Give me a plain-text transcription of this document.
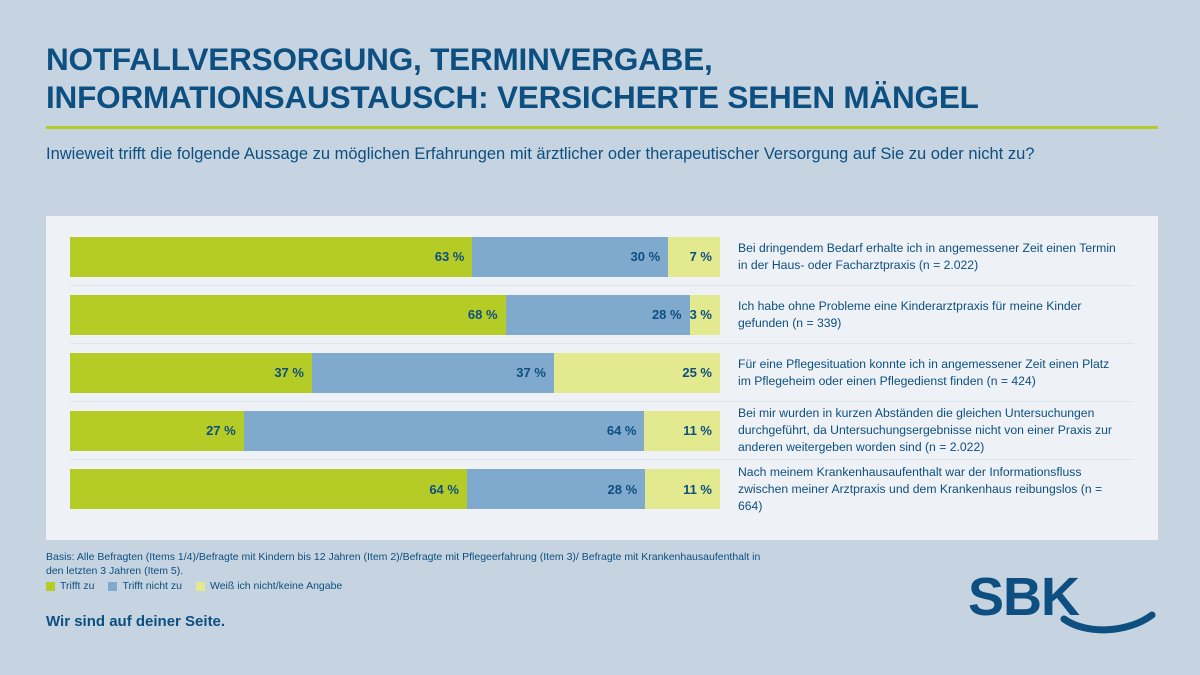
NOTFALLVERSORGUNG, TERMINVERGABE, INFORMATIONSAUSTAUSCH: VERSICHERTE SEHEN MÄNGEL
Inwieweit trifft die folgende Aussage zu möglichen Erfahrungen mit ärztlicher oder therapeutischer Versorgung auf Sie zu oder nicht zu?
63 %	30 % 7 %
Bei dringendem Bedarf erhalte ich in angemessener Zeit einen Termin in der Haus- oder Facharztpraxis (n = 2.022)
68 %	28 % 3 %
Ich habe ohne Probleme eine Kinderarztpraxis für meine Kinder gefunden (n = 339)
37 %	37 %	25 %
Für eine Pflegesituation konnte ich in angemessener Zeit einen Platz im Pflegeheim oder einen Pflegedienst finden (n = 424)
27 %	64 %	11 %
Bei mir wurden in kurzen Abständen die gleichen Untersuchungen durchgeführt, da Untersuchungsergebnisse nicht von einer Praxis zur anderen weitergeben worden sind (n = 2.022)
64 %	28 %	11 %
Nach meinem Krankenhausaufenthalt war der Informationsfluss zwischen meiner Arztpraxis und dem Krankenhaus reibungslos (n = 664)
Basis: Alle Befragten (Items 1/4)/Befragte mit Kindern bis 12 Jahren (Item 2)/Befragte mit Pflegeerfahrung (Item 3)/ Befragte mit Krankenhausaufenthalt in den letzten 3 Jahren (Item 5).
Trifft zu	Trifft nicht zu	Weiß ich nicht/keine Angabe
Wir sind auf deiner Seite.	SBK
